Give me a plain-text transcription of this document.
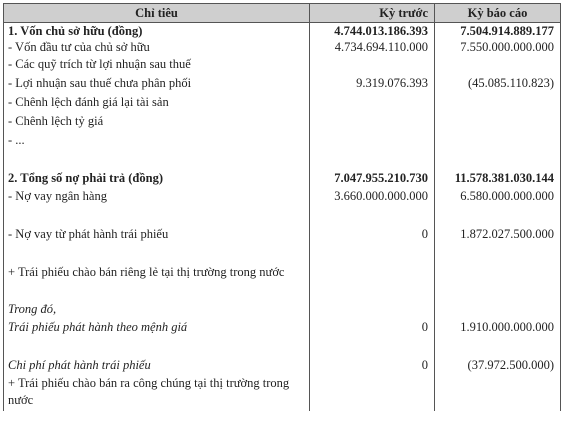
Chỉ tiêu	Kỳ trước	Kỳ báo cáo
1. Vốn chủ sở hữu (đồng)	4.744.013.186.393	7.504.914.889.177
- Vốn đầu tư của chủ sở hữu	4.734.694.110.000	7.550.000.000.000
- Các quỹ trích từ lợi nhuận sau thuế		
- Lợi nhuận sau thuế chưa phân phối	9.319.076.393	(45.085.110.823)
- Chênh lệch đánh giá lại tài sản		
- Chênh lệch tỷ giá		
- ...		
2. Tổng số nợ phải trả (đồng)	7.047.955.210.730	11.578.381.030.144
- Nợ vay ngân hàng	3.660.000.000.000	6.580.000.000.000
- Nợ vay từ phát hành trái phiếu	0	1.872.027.500.000
+ Trái phiếu chào bán riêng lẻ tại thị trường trong nước		
Trong đó,		
Trái phiếu phát hành theo mệnh giá	0	1.910.000.000.000
Chi phí phát hành trái phiếu	0	(37.972.500.000)
+ Trái phiếu chào bán ra công chúng tại thị trường trong nước		
